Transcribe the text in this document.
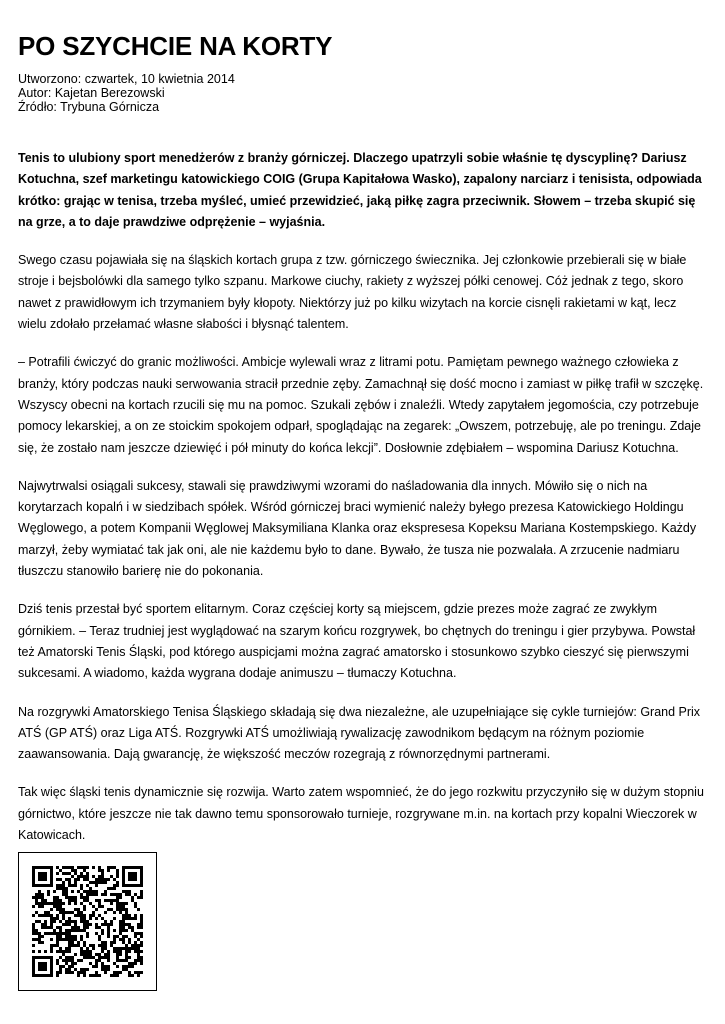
PO SZYCHCIE NA KORTY
Utworzono: czwartek, 10 kwietnia 2014
Autor: Kajetan Berezowski
Źródło: Trybuna Górnicza

Tenis to ulubiony sport menedżerów z branży górniczej. Dlaczego upatrzyli sobie właśnie tę dyscyplinę? Dariusz Kotuchna, szef marketingu katowickiego COIG (Grupa Kapitałowa Wasko), zapalony narciarz i tenisista, odpowiada krótko: grając w tenisa, trzeba myśleć, umieć przewidzieć, jaką piłkę zagra przeciwnik. Słowem – trzeba skupić się na grze, a to daje prawdziwe odprężenie – wyjaśnia.

Swego czasu pojawiała się na śląskich kortach grupa z tzw. górniczego świecznika. Jej członkowie przebierali się w białe stroje i bejsbolówki dla samego tylko szpanu. Markowe ciuchy, rakiety z wyższej półki cenowej. Cóż jednak z tego, skoro nawet z prawidłowym ich trzymaniem były kłopoty. Niektórzy już po kilku wizytach na korcie cisnęli rakietami w kąt, lecz wielu zdołało przełamać własne słabości i błysnąć talentem.

– Potrafili ćwiczyć do granic możliwości. Ambicje wylewali wraz z litrami potu. Pamiętam pewnego ważnego człowieka z branży, który podczas nauki serwowania stracił przednie zęby. Zamachnął się dość mocno i zamiast w piłkę trafił w szczękę. Wszyscy obecni na kortach rzucili się mu na pomoc. Szukali zębów i znaleźli. Wtedy zapytałem jegomościa, czy potrzebuje pomocy lekarskiej, a on ze stoickim spokojem odparł, spoglądając na zegarek: „Owszem, potrzebuję, ale po treningu. Zdaje się, że zostało nam jeszcze dziewięć i pół minuty do końca lekcji”. Dosłownie zdębiałem – wspomina Dariusz Kotuchna.

Najwytrwalsi osiągali sukcesy, stawali się prawdziwymi wzorami do naśladowania dla innych. Mówiło się o nich na korytarzach kopalń i w siedzibach spółek. Wśród górniczej braci wymienić należy byłego prezesa Katowickiego Holdingu Węglowego, a potem Kompanii Węglowej Maksymiliana Klanka oraz ekspresesa Kopeksu Mariana Kostempskiego. Każdy marzył, żeby wymiatać tak jak oni, ale nie każdemu było to dane. Bywało, że tusza nie pozwalała. A zrzucenie nadmiaru tłuszczu stanowiło barierę nie do pokonania.

Dziś tenis przestał być sportem elitarnym. Coraz częściej korty są miejscem, gdzie prezes może zagrać ze zwykłym górnikiem. – Teraz trudniej jest wyglądować na szarym końcu rozgrywek, bo chętnych do treningu i gier przybywa. Powstał też Amatorski Tenis Śląski, pod którego auspicjami można zagrać amatorsko i stosunkowo szybko cieszyć się pierwszymi sukcesami. A wiadomo, każda wygrana dodaje animuszu – tłumaczy Kotuchna.

Na rozgrywki Amatorskiego Tenisa Śląskiego składają się dwa niezależne, ale uzupełniające się cykle turniejów: Grand Prix ATŚ (GP ATŚ) oraz Liga ATŚ. Rozgrywki ATŚ umożliwiają rywalizację zawodnikom będącym na różnym poziomie zaawansowania. Dają gwarancję, że większość meczów rozegrają z równorzędnymi partnerami.

Tak więc śląski tenis dynamicznie się rozwija. Warto zatem wspomnieć, że do jego rozkwitu przyczyniło się w dużym stopniu górnictwo, które jeszcze nie tak dawno temu sponsorowało turnieje, rozgrywane m.in. na kortach przy kopalni Wieczorek w Katowicach.
